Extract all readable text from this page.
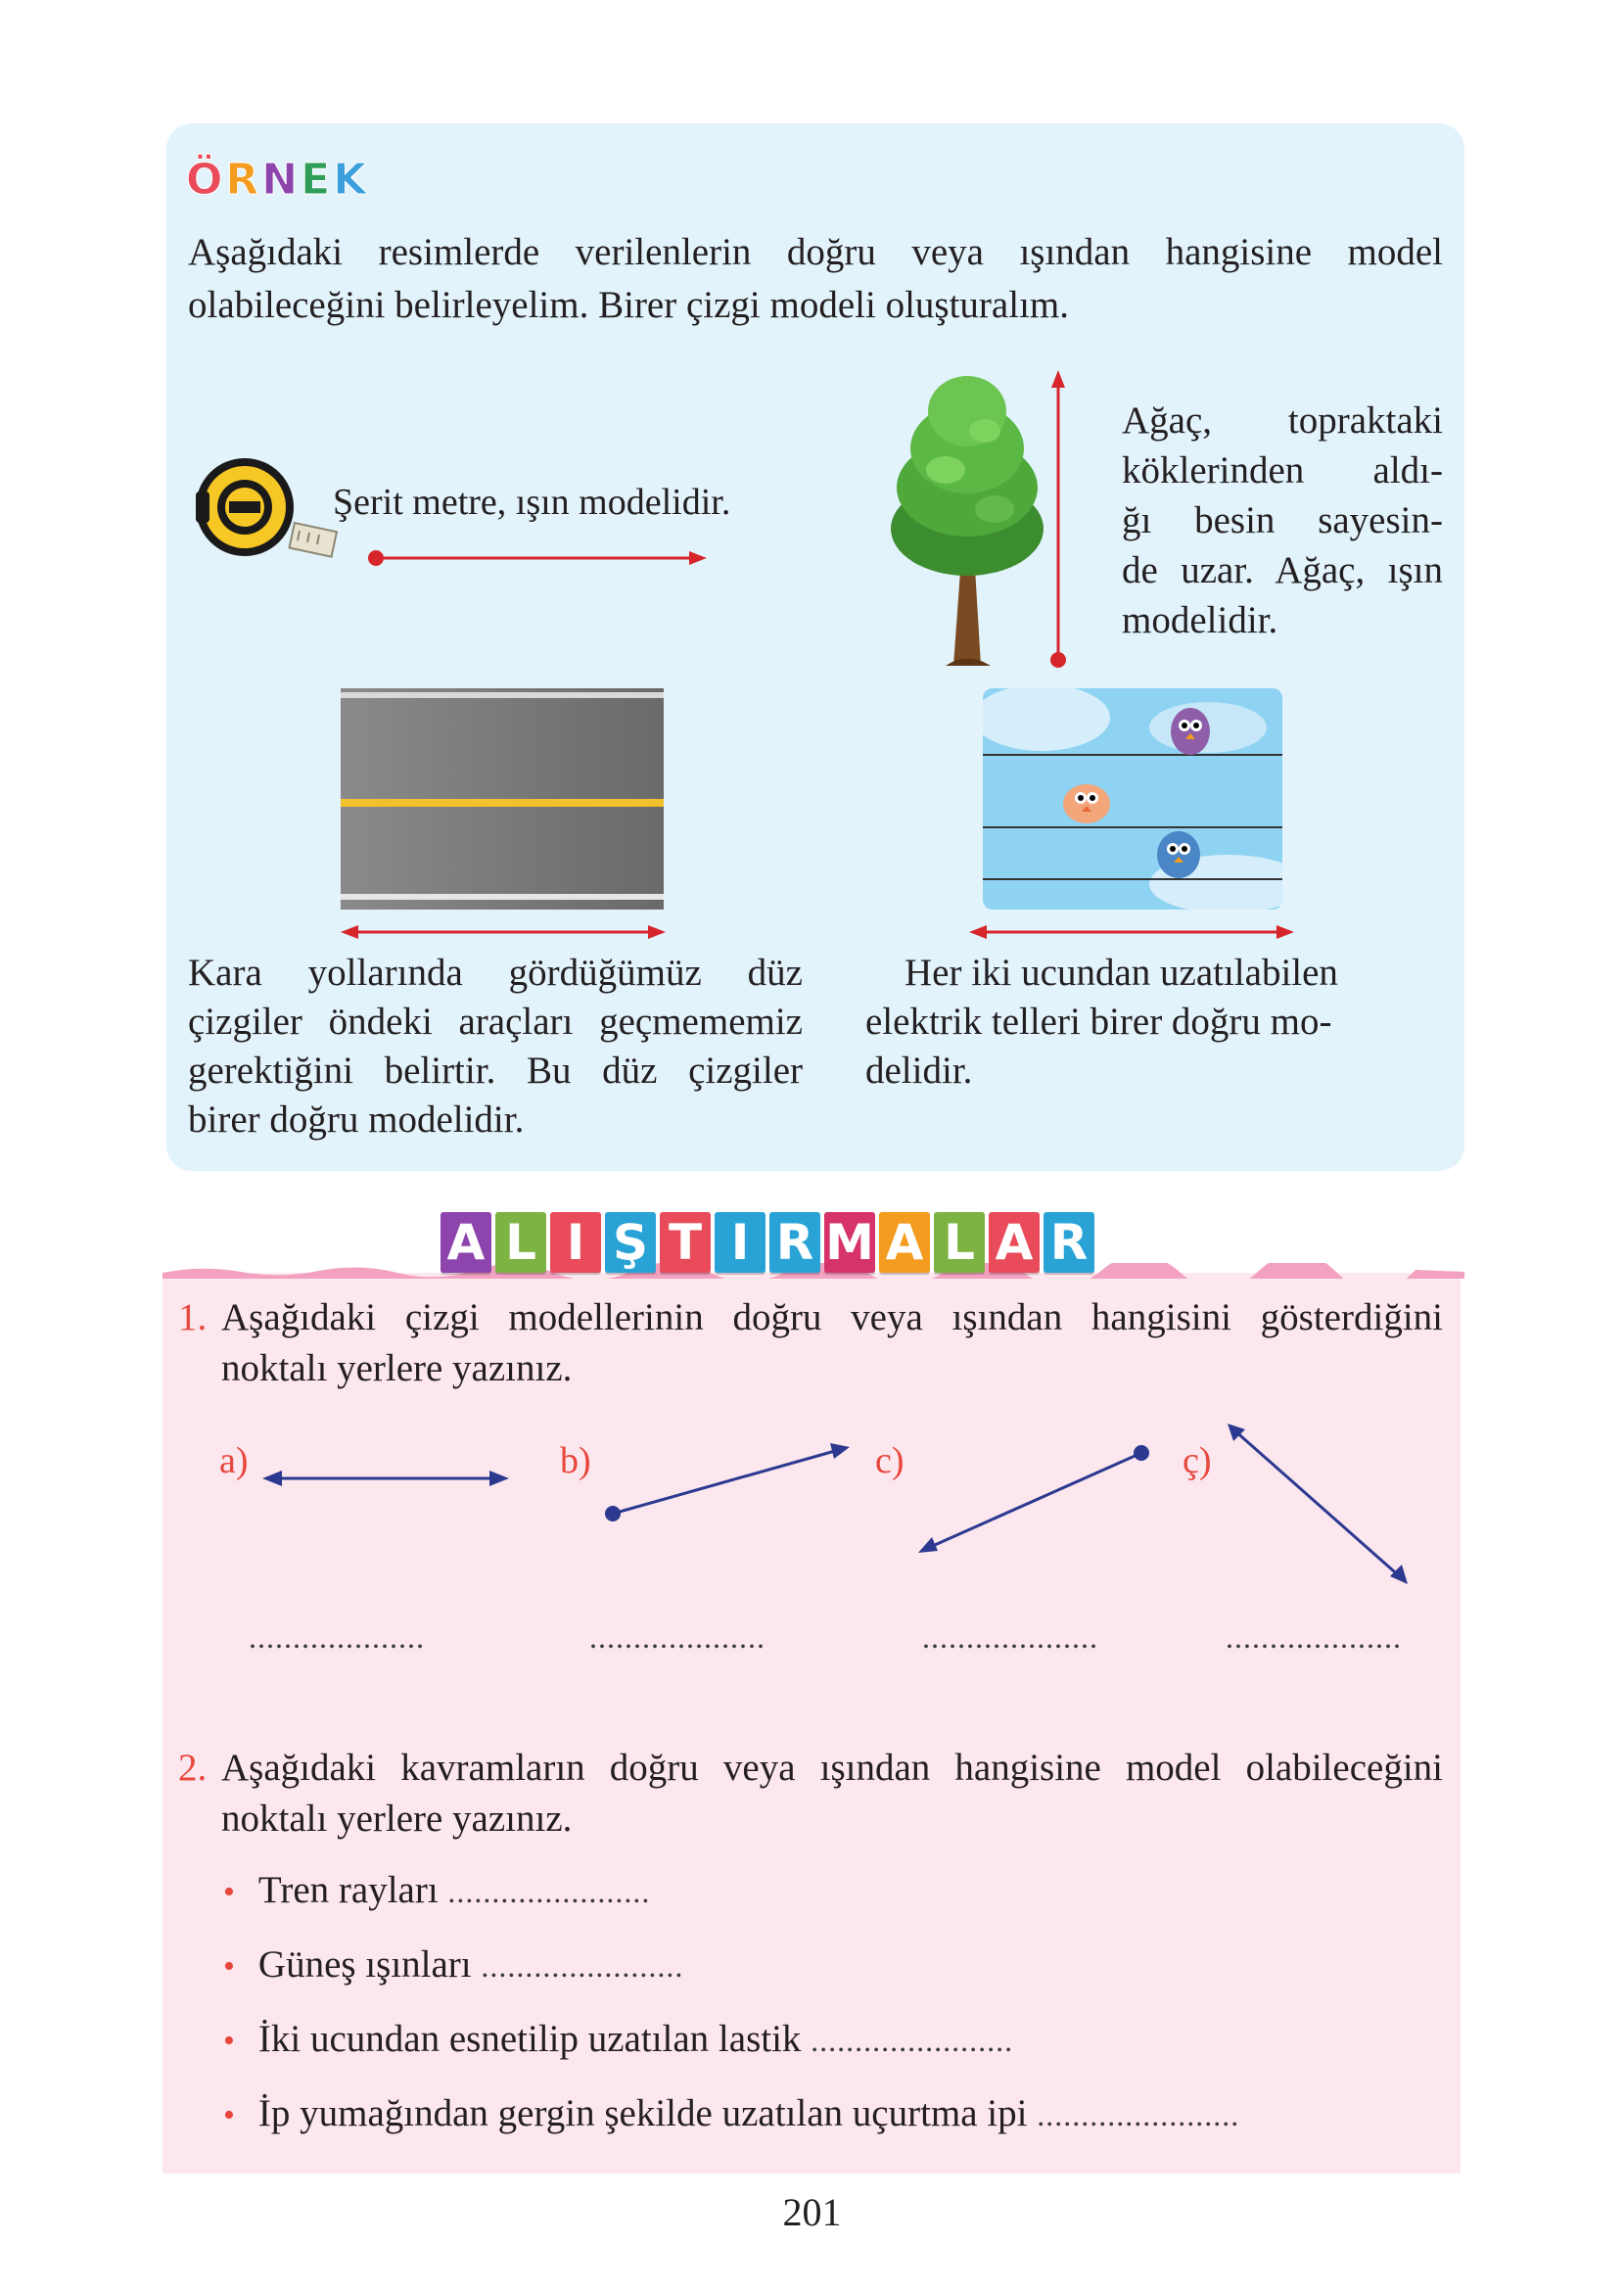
ÖRNEK
Aşağıdaki resimlerde verilenlerin doğru veya ışından hangisine model
olabileceğini belirleyelim. Birer çizgi modeli oluşturalım.
Şerit metre, ışın modelidir.
Ağaç, topraktaki
köklerinden aldı-
ğı besin sayesin-
de uzar. Ağaç, ışın
modelidir.
Kara yollarında gördüğümüz düz
çizgiler öndeki araçları geçmememiz
gerektiğini belirtir. Bu düz çizgiler
birer doğru modelidir.
Her iki ucundan uzatılabilen
elektrik telleri birer doğru mo-
delidir.
A L I Ş T I R M A L A R
1. Aşağıdaki çizgi modellerinin doğru veya ışından hangisini gösterdiğini
noktalı yerlere yazınız.
a)	b)	c)	ç)
....................	....................	....................	....................
2. Aşağıdaki kavramların doğru veya ışından hangisine model olabileceğini
noktalı yerlere yazınız.
• Tren rayları .......................
• Güneş ışınları .......................
• İki ucundan esnetilip uzatılan lastik .......................
• İp yumağından gergin şekilde uzatılan uçurtma ipi .......................
201
